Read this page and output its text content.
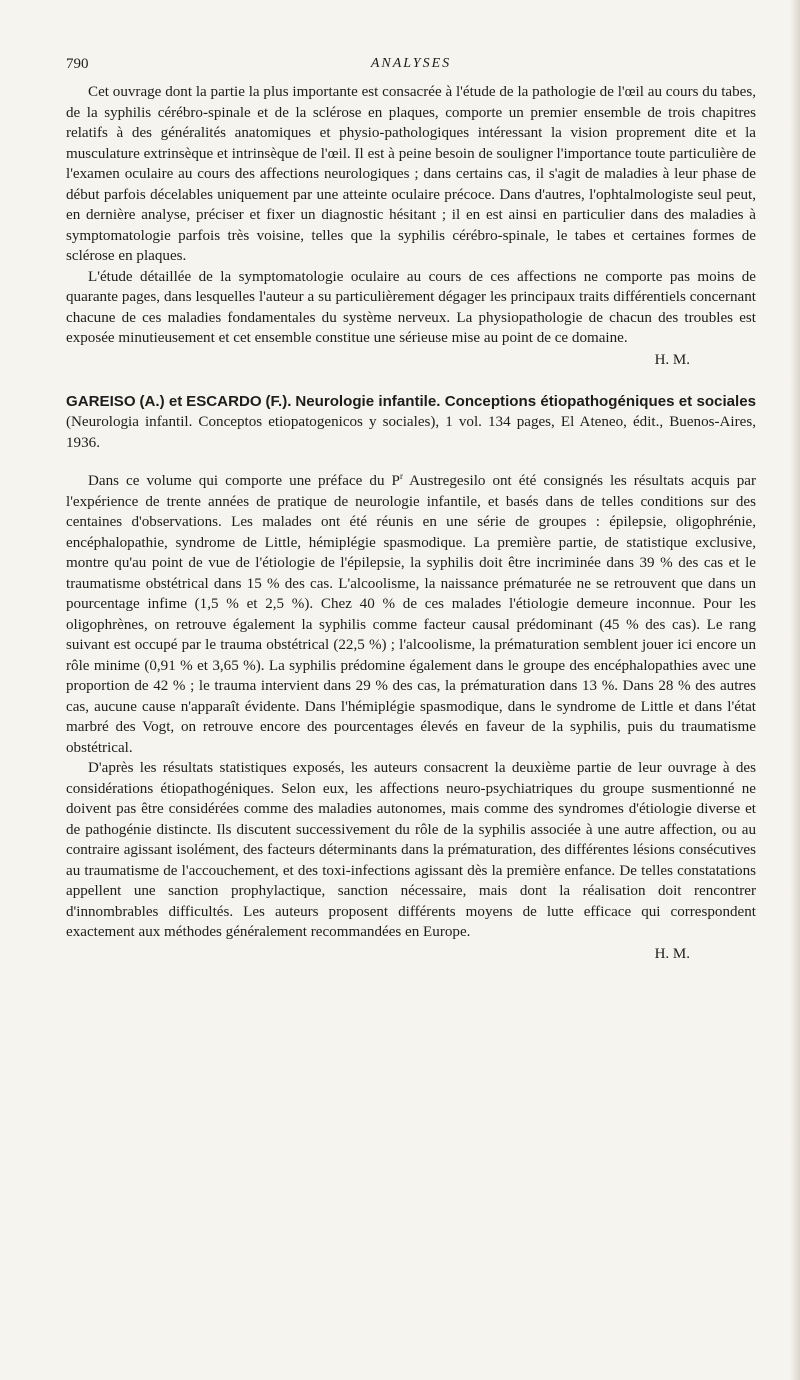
790	ANALYSES

Cet ouvrage dont la partie la plus importante est consacrée à l'étude de la pathologie de l'œil au cours du tabes, de la syphilis cérébro-spinale et de la sclérose en plaques, comporte un premier ensemble de trois chapitres relatifs à des généralités anatomiques et physio-pathologiques intéressant la vision proprement dite et la musculature extrinsèque et intrinsèque de l'œil. Il est à peine besoin de souligner l'importance toute particulière de l'examen oculaire au cours des affections neurologiques ; dans certains cas, il s'agit de maladies à leur phase de début parfois décelables uniquement par une atteinte oculaire précoce. Dans d'autres, l'ophtalmologiste seul peut, en dernière analyse, préciser et fixer un diagnostic hésitant ; il en est ainsi en particulier dans des maladies à symptomatologie parfois très voisine, telles que la syphilis cérébro-spinale, le tabes et certaines formes de sclérose en plaques.

L'étude détaillée de la symptomatologie oculaire au cours de ces affections ne comporte pas moins de quarante pages, dans lesquelles l'auteur a su particulièrement dégager les principaux traits différentiels concernant chacune de ces maladies fondamentales du système nerveux. La physiopathologie de chacun des troubles est exposée minutieusement et cet ensemble constitue une sérieuse mise au point de ce domaine.

H. M.

GAREISO (A.) et ESCARDO (F.). Neurologie infantile. Conceptions étiopathogéniques et sociales (Neurologia infantil. Conceptos etiopatogenicos y sociales), 1 vol. 134 pages, El Ateneo, édit., Buenos-Aires, 1936.

Dans ce volume qui comporte une préface du $P^r$ Austregesilo ont été consignés les résultats acquis par l'expérience de trente années de pratique de neurologie infantile, et basés dans de telles conditions sur des centaines d'observations. Les malades ont été réunis en une série de groupes : épilepsie, oligophrénie, encéphalopathie, syndrome de Little, hémiplégie spasmodique. La première partie, de statistique exclusive, montre qu'au point de vue de l'étiologie de l'épilepsie, la syphilis doit être incriminée dans 39 % des cas et le traumatisme obstétrical dans 15 % des cas. L'alcoolisme, la naissance prématurée ne se retrouvent que dans un pourcentage infime (1,5 % et 2,5 %). Chez 40 % de ces malades l'étiologie demeure inconnue. Pour les oligophrènes, on retrouve également la syphilis comme facteur causal prédominant (45 % des cas). Le rang suivant est occupé par le trauma obstétrical (22,5 %) ; l'alcoolisme, la prématuration semblent jouer ici encore un rôle minime (0,91 % et 3,65 %). La syphilis prédomine également dans le groupe des encéphalopathies avec une proportion de 42 % ; le trauma intervient dans 29 % des cas, la prématuration dans 13 %. Dans 28 % des autres cas, aucune cause n'apparaît évidente. Dans l'hémiplégie spasmodique, dans le syndrome de Little et dans l'état marbré des Vogt, on retrouve encore des pourcentages élevés en faveur de la syphilis, puis du traumatisme obstétrical.

D'après les résultats statistiques exposés, les auteurs consacrent la deuxième partie de leur ouvrage à des considérations étiopathogéniques. Selon eux, les affections neuro-psychiatriques du groupe susmentionné ne doivent pas être considérées comme des maladies autonomes, mais comme des syndromes d'étiologie diverse et de pathogénie distincte. Ils discutent successivement du rôle de la syphilis associée à une autre affection, ou au contraire agissant isolément, des facteurs déterminants dans la prématuration, des différentes lésions consécutives au traumatisme de l'accouchement, et des toxi-infections agissant dès la première enfance. De telles constatations appellent une sanction prophylactique, sanction nécessaire, mais dont la réalisation doit rencontrer d'innombrables difficultés. Les auteurs proposent différents moyens de lutte efficace qui correspondent exactement aux méthodes généralement recommandées en Europe.

H. M.
